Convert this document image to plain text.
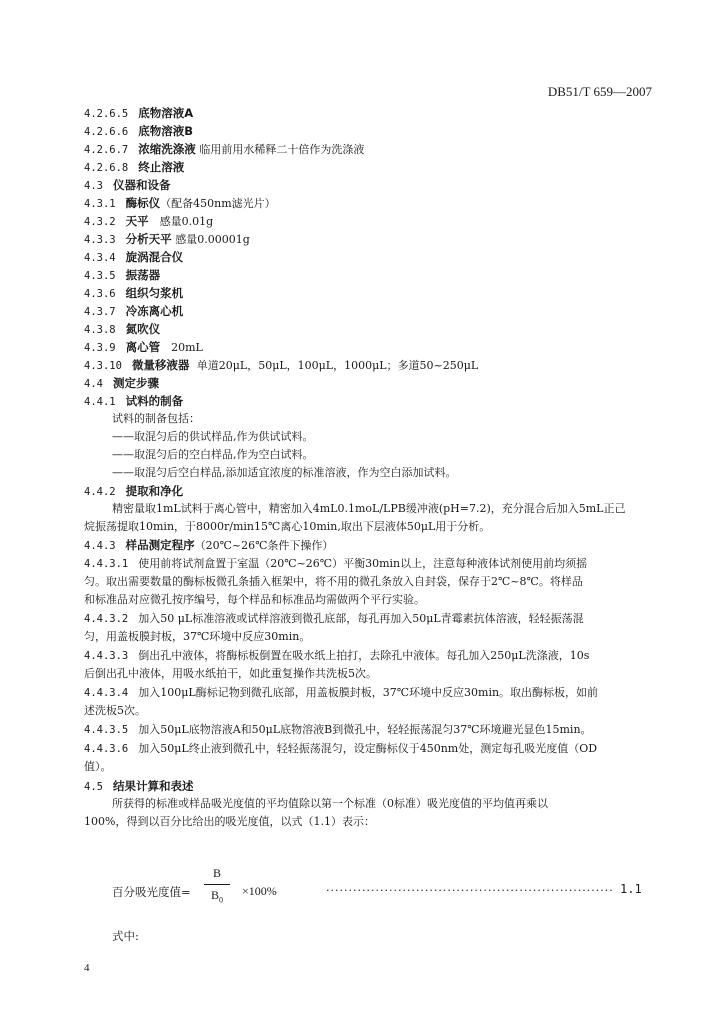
DB51/T 659—2007
4.2.6.5 底物溶液A
4.2.6.6 底物溶液B
4.2.6.7 浓缩洗涤液 临用前用水稀释二十倍作为洗涤液
4.2.6.8 终止溶液
4.3 仪器和设备
4.3.1 酶标仪（配备450nm滤光片）
4.3.2 天平 感量0.01g
4.3.3 分析天平 感量0.00001g
4.3.4 旋涡混合仪
4.3.5 振荡器
4.3.6 组织匀浆机
4.3.7 冷冻离心机
4.3.8 氮吹仪
4.3.9 离心管 20mL
4.3.10 微量移液器 单道20μL，50μL，100μL，1000μL；多道50~250μL
4.4 测定步骤
4.4.1 试料的制备
试料的制备包括：
——取混匀后的供试样品,作为供试试料。
——取混匀后的空白样品,作为空白试料。
——取混匀后空白样品,添加适宜浓度的标准溶液，作为空白添加试料。
4.4.2 提取和净化
精密量取1mL试料于离心管中，精密加入4mL0.1moL/LPB缓冲液(pH=7.2)，充分混合后加入5mL正己
烷振荡提取10min，于8000r/min15℃离心10min,取出下层液体50μL用于分析。
4.4.3 样品测定程序（20℃~26℃条件下操作）
4.4.3.1 使用前将试剂盒置于室温（20℃~26℃）平衡30min以上，注意每种液体试剂使用前均须摇
匀。取出需要数量的酶标板微孔条插入框架中，将不用的微孔条放入自封袋，保存于2℃~8℃。将样品
和标准品对应微孔按序编号，每个样品和标准品均需做两个平行实验。
4.4.3.2 加入50 μL标准溶液或试样溶液到微孔底部，每孔再加入50μL青霉素抗体溶液，轻轻振荡混
匀，用盖板膜封板，37℃环境中反应30min。
4.4.3.3 倒出孔中液体，将酶标板倒置在吸水纸上拍打，去除孔中液体。每孔加入250μL洗涤液，10s
后倒出孔中液体，用吸水纸拍干，如此重复操作共洗板5次。
4.4.3.4 加入100μL酶标记物到微孔底部，用盖板膜封板，37℃环境中反应30min。取出酶标板，如前
述洗板5次。
4.4.3.5 加入50μL底物溶液A和50μL底物溶液B到微孔中，轻轻振荡混匀37℃环境避光显色15min。
4.4.3.6 加入50μL终止液到微孔中，轻轻振荡混匀，设定酶标仪于450nm处，测定每孔吸光度值（OD
值）。
4.5 结果计算和表述
所获得的标准或样品吸光度值的平均值除以第一个标准（0标准）吸光度值的平均值再乘以
100%，得到以百分比给出的吸光度值，以式（1.1）表示：
百分吸光度值=
B
$B_0$
×100%	································································ 1.1
式中:
4
